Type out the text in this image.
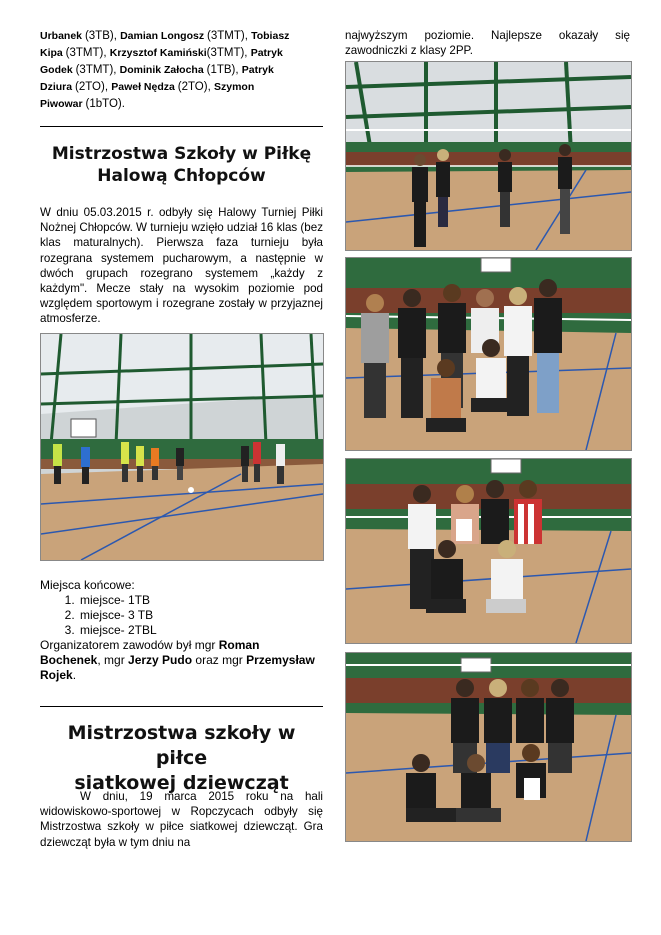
Urbanek (3TB), Damian Longosz (3TMT), Tobiasz
Kipa (3TMT), Krzysztof Kamiński(3TMT), Patryk
Godek (3TMT), Dominik Załocha (1TB), Patryk
Dziura (2TO), Paweł Nędza (2TO), Szymon
Piwowar (1bTO).

Mistrzostwa Szkoły w Piłkę
Halową Chłopców

W dniu 05.03.2015 r. odbyły się Halowy Turniej Piłki Nożnej Chłopców. W turnieju wzięło udział 16 klas (bez klas maturalnych). Pierwsza faza turnieju była rozegrana systemem pucharowym, a następnie w dwóch grupach rozegrano systemem „każdy z każdym". Mecze stały na wysokim poziomie pod względem sportowym i rozegrane zostały w przyjaznej atmosferze.

Miejsca końcowe:
1. miejsce- 1TB
2. miejsce- 3 TB
3. miejsce- 2TBL
Organizatorem zawodów był mgr Roman Bochenek, mgr Jerzy Pudo oraz mgr Przemysław Rojek.
Mistrzostwa szkoły w piłce
siatkowej dziewcząt

W dniu, 19 marca 2015 roku na hali widowiskowo-sportowej w Ropczycach odbyły się Mistrzostwa szkoły w piłce siatkowej dziewcząt. Gra dziewcząt była w tym dniu na

najwyższym poziomie. Najlepsze okazały się zawodniczki z klasy 2PP.
